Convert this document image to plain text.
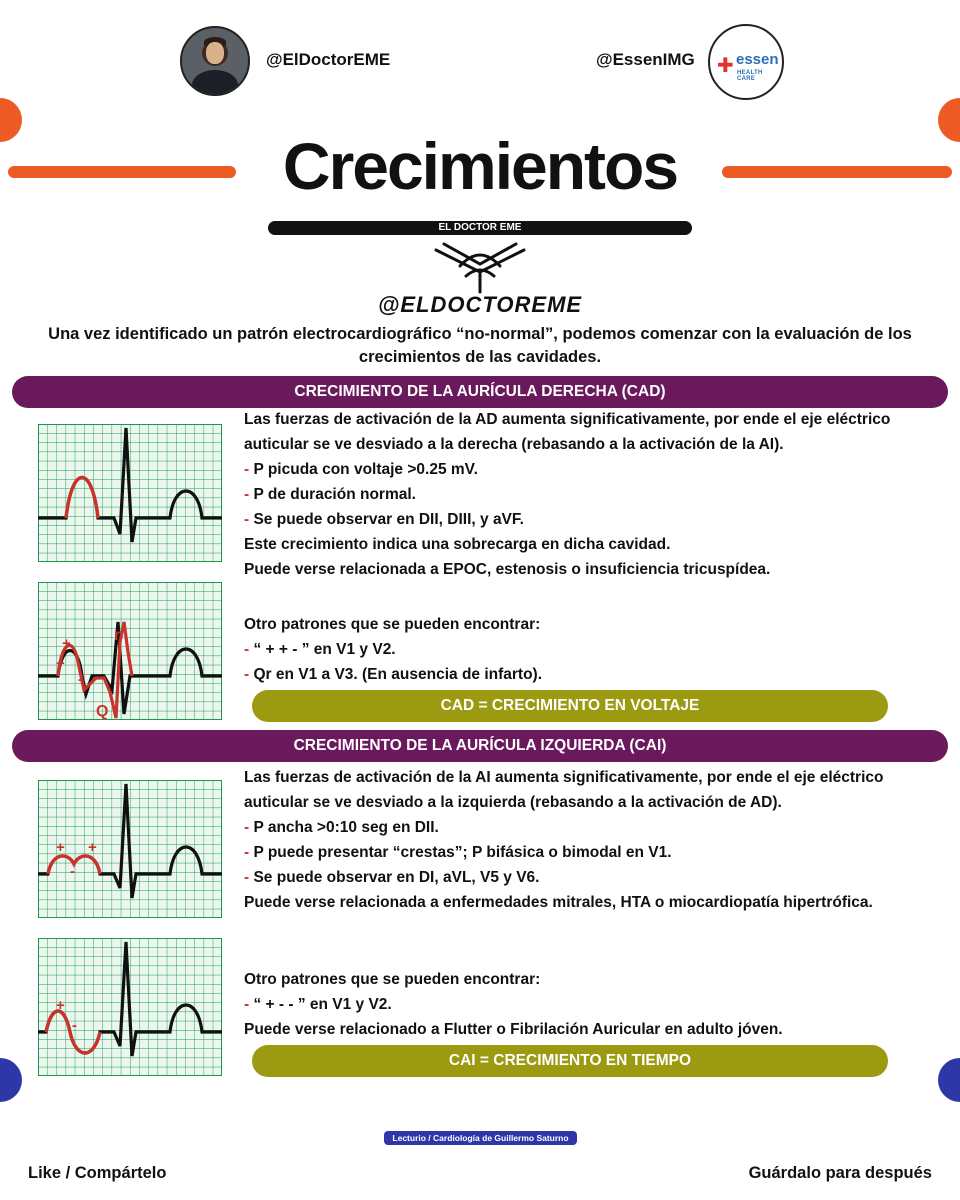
@ElDoctorEME	@EssenIMG ✚ essen
HEALTH CARE
Crecimientos
EL DOCTOR EME
@ELDOCTOREME
Una vez identificado un patrón electrocardiográfico “no-normal”, podemos comenzar con la evaluación de los crecimientos de las cavidades.
CRECIMIENTO DE LA AURÍCULA DERECHA (CAD)

Las fuerzas de activación de la AD aumenta significativamente, por ende el eje eléctrico auticular se ve desviado a la derecha (rebasando a la activación de la AI).

- P picuda con voltaje >0.25 mV.

- P de duración normal.

- Se puede observar en DII, DIII, y aVF.

Este crecimiento indica una sobrecarga en dicha cavidad.

Puede verse relacionada a EPOC, estenosis o insuficiencia tricuspídea.

+
+
-
r
Q

Otro patrones que se pueden encontrar:

- “ + + - ” en V1 y V2.

- Qr en V1 a V3. (En ausencia de infarto).

CAD = CRECIMIENTO EN VOLTAJE
CRECIMIENTO DE LA AURÍCULA IZQUIERDA (CAI)
+ +
-

Las fuerzas de activación de la AI aumenta significativamente, por ende el eje eléctrico auticular se ve desviado a la izquierda (rebasando a la activación de AD).

- P ancha >0:10 seg en DII.

- P puede presentar “crestas”; P bifásica o bimodal en V1.

- Se puede observar en DI, aVL, V5 y V6.

Puede verse relacionada a enfermedades mitrales, HTA o miocardiopatía hipertrófica.

+
-

Otro patrones que se pueden encontrar:

- “ + - - ” en V1 y V2.

Puede verse relacionado a Flutter o Fibrilación Auricular en adulto jóven.

CAI = CRECIMIENTO EN TIEMPO
Lecturio / Cardiología de Guillermo Saturno Chiu
Like / Compártelo	Guárdalo para después
